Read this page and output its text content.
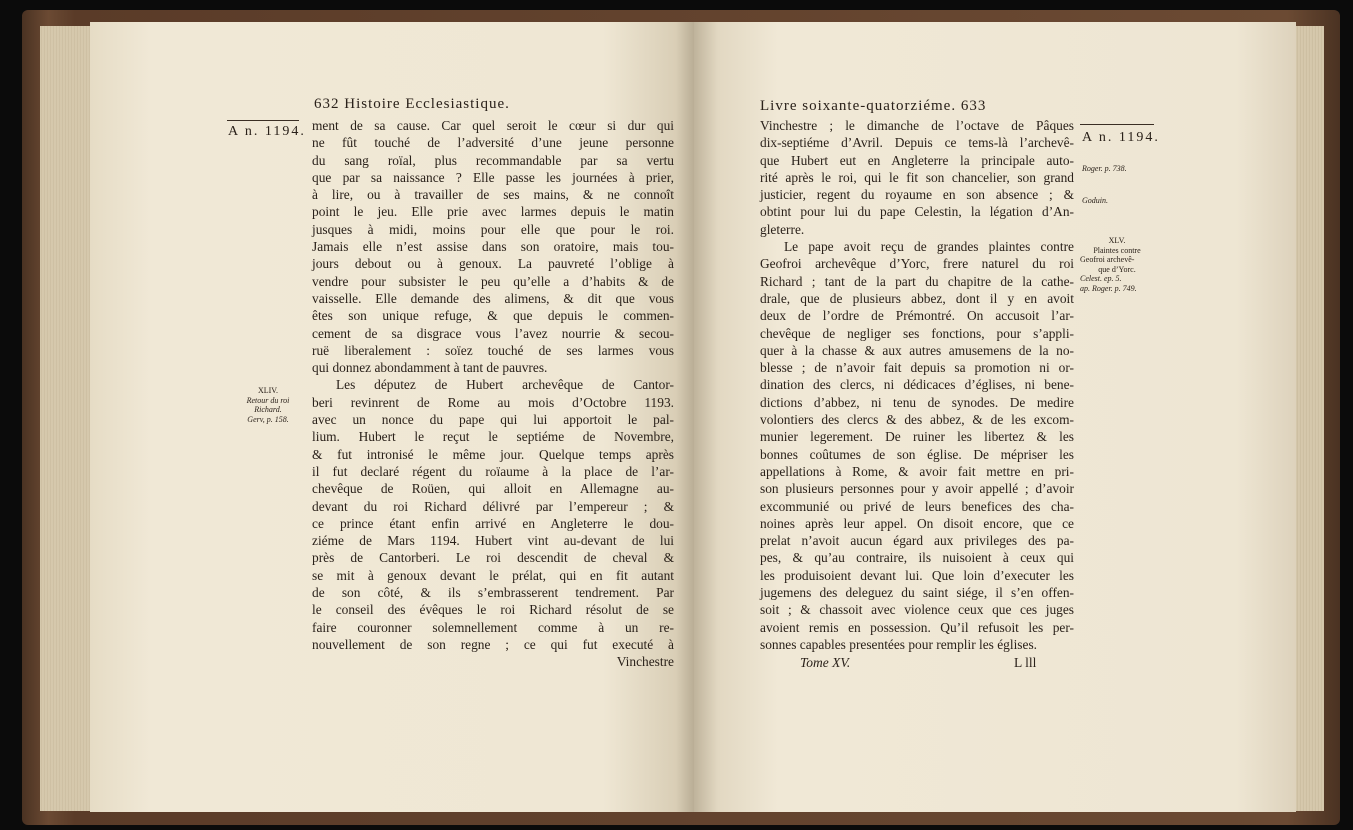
632 Histoire Ecclesiastique.
A n. 1194.
XLIV.
Retour du roi
Richard.
Gerv, p. 158.
ment de sa cause. Car quel seroit le cœur si dur qui
ne fût touché de l’adversité d’une jeune personne
du sang roïal, plus recommandable par sa vertu
que par sa naissance ? Elle passe les journées à prier,
à lire, ou à travailler de ses mains, & ne connoît
point le jeu. Elle prie avec larmes depuis le matin
jusques à midi, moins pour elle que pour le roi.
Jamais elle n’est assise dans son oratoire, mais tou-
jours debout ou à genoux. La pauvreté l’oblige à
vendre pour subsister le peu qu’elle a d’habits & de
vaisselle. Elle demande des alimens, & dit que vous
êtes son unique refuge, & que depuis le commen-
cement de sa disgrace vous l’avez nourrie & secou-
ruë liberalement : soïez touché de ses larmes vous
qui donnez abondamment à tant de pauvres.
Les députez de Hubert archevêque de Cantor-
beri revinrent de Rome au mois d’Octobre 1193.
avec un nonce du pape qui lui apportoit le pal-
lium. Hubert le reçut le septiéme de Novembre,
& fut intronisé le même jour. Quelque temps après
il fut declaré régent du roïaume à la place de l’ar-
chevêque de Roüen, qui alloit en Allemagne au-
devant du roi Richard délivré par l’empereur ; &
ce prince étant enfin arrivé en Angleterre le dou-
ziéme de Mars 1194. Hubert vint au-devant de lui
près de Cantorberi. Le roi descendit de cheval &
se mit à genoux devant le prélat, qui en fit autant
de son côté, & ils s’embrasserent tendrement. Par
le conseil des évêques le roi Richard résolut de se
faire couronner solemnellement comme à un re-
nouvellement de son regne ; ce qui fut executé à
Vinchestre
Livre soixante-quatorziéme. 633
A n. 1194.
Roger. p. 738.
Goduin.
XLV.
Plaintes contre
Geofroi archevê-
que d’Yorc.
Celest. ep. 5.
ap. Roger. p. 749.
Vinchestre ; le dimanche de l’octave de Pâques
dix-septiéme d’Avril. Depuis ce tems-là l’archevê-
que Hubert eut en Angleterre la principale auto-
rité après le roi, qui le fit son chancelier, son grand
justicier, regent du royaume en son absence ; &
obtint pour lui du pape Celestin, la légation d’An-
gleterre.
Le pape avoit reçu de grandes plaintes contre
Geofroi archevêque d’Yorc, frere naturel du roi
Richard ; tant de la part du chapitre de la cathe-
drale, que de plusieurs abbez, dont il y en avoit
deux de l’ordre de Prémontré. On accusoit l’ar-
chevêque de negliger ses fonctions, pour s’appli-
quer à la chasse & aux autres amusemens de la no-
blesse ; de n’avoir fait depuis sa promotion ni or-
dination des clercs, ni dédicaces d’églises, ni bene-
dictions d’abbez, ni tenu de synodes. De medire
volontiers des clercs & des abbez, & de les excom-
munier legerement. De ruiner les libertez & les
bonnes coûtumes de son église. De mépriser les
appellations à Rome, & avoir fait mettre en pri-
son plusieurs personnes pour y avoir appellé ; d’avoir
excommunié ou privé de leurs benefices des cha-
noines après leur appel. On disoit encore, que ce
prelat n’avoit aucun égard aux privileges des pa-
pes, & qu’au contraire, ils nuisoient à ceux qui
les produisoient devant lui. Que loin d’executer les
jugemens des deleguez du saint siége, il s’en offen-
soit ; & chassoit avec violence ceux que ces juges
avoient remis en possession. Qu’il refusoit les per-
sonnes capables presentées pour remplir les églises.
Tome XV.	L lll
